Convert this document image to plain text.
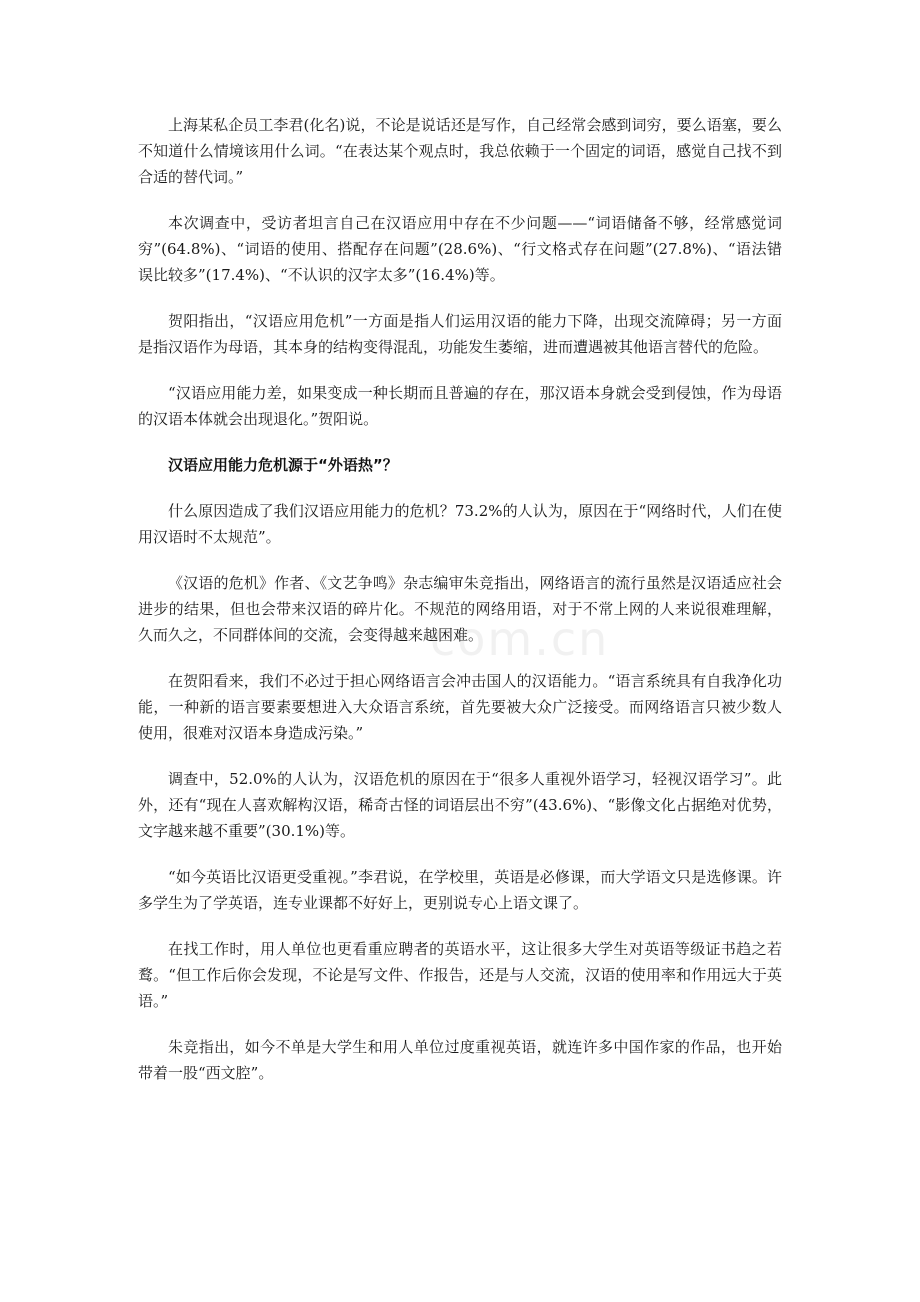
上海某私企员工李君(化名)说，不论是说话还是写作，自己经常会感到词穷，要么语塞，要么不知道什么情境该用什么词。“在表达某个观点时，我总依赖于一个固定的词语，感觉自己找不到合适的替代词。”

本次调查中，受访者坦言自己在汉语应用中存在不少问题——“词语储备不够，经常感觉词穷”(64.8%)、“词语的使用、搭配存在问题”(28.6%)、“行文格式存在问题”(27.8%)、“语法错误比较多”(17.4%)、“不认识的汉字太多”(16.4%)等。

贺阳指出，“汉语应用危机”一方面是指人们运用汉语的能力下降，出现交流障碍；另一方面是指汉语作为母语，其本身的结构变得混乱，功能发生萎缩，进而遭遇被其他语言替代的危险。

“汉语应用能力差，如果变成一种长期而且普遍的存在，那汉语本身就会受到侵蚀，作为母语的汉语本体就会出现退化。”贺阳说。

汉语应用能力危机源于“外语热”？

什么原因造成了我们汉语应用能力的危机？73.2%的人认为，原因在于“网络时代，人们在使用汉语时不太规范”。

《汉语的危机》作者、《文艺争鸣》杂志编审朱竞指出，网络语言的流行虽然是汉语适应社会进步的结果，但也会带来汉语的碎片化。不规范的网络用语，对于不常上网的人来说很难理解，久而久之，不同群体间的交流，会变得越来越困难。

在贺阳看来，我们不必过于担心网络语言会冲击国人的汉语能力。“语言系统具有自我净化功能，一种新的语言要素要想进入大众语言系统，首先要被大众广泛接受。而网络语言只被少数人使用，很难对汉语本身造成污染。”

调查中，52.0%的人认为，汉语危机的原因在于“很多人重视外语学习，轻视汉语学习”。此外，还有“现在人喜欢解构汉语，稀奇古怪的词语层出不穷”(43.6%)、“影像文化占据绝对优势，文字越来越不重要”(30.1%)等。

“如今英语比汉语更受重视。”李君说，在学校里，英语是必修课，而大学语文只是选修课。许多学生为了学英语，连专业课都不好好上，更别说专心上语文课了。

在找工作时，用人单位也更看重应聘者的英语水平，这让很多大学生对英语等级证书趋之若鹜。“但工作后你会发现，不论是写文件、作报告，还是与人交流，汉语的使用率和作用远大于英语。”

朱竞指出，如今不单是大学生和用人单位过度重视英语，就连许多中国作家的作品，也开始带着一股“西文腔”。

com.cn
